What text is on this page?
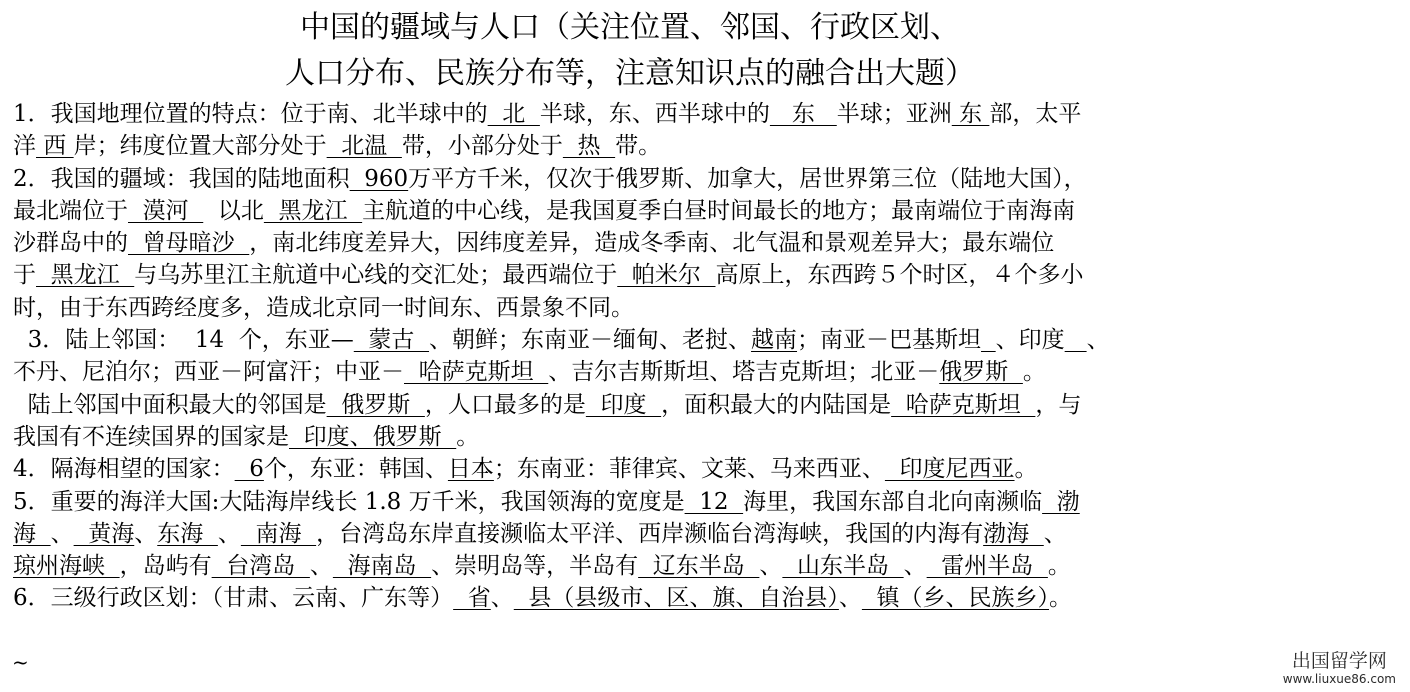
中国的疆域与人口（关注位置、邻国、行政区划、
人口分布、民族分布等，注意知识点的融合出大题）
1．我国地理位置的特点：位于南、北半球中的  北  半球，东、西半球中的   东   半球；亚洲 东 部，太平
洋 西 岸；纬度位置大部分处于  北温  带，小部分处于  热  带。
2．我国的疆域：我国的陆地面积  960万平方千米，仅次于俄罗斯、加拿大，居世界第三位（陆地大国），
最北端位于  漠河    以北  黑龙江  主航道的中心线，是我国夏季白昼时间最长的地方；最南端位于南海南
沙群岛中的  曾母暗沙  ，南北纬度差异大，因纬度差异，造成冬季南、北气温和景观差异大；最东端位
于  黑龙江  与乌苏里江主航道中心线的交汇处；最西端位于  帕米尔  高原上，东西跨５个时区，４个多小
时，由于东西跨经度多，造成北京同一时间东、西景象不同。
3．陆上邻国：  14  个，东亚—  蒙古  、朝鲜；东南亚－缅甸、老挝、越南；南亚－巴基斯坦 、印度 、
不丹、尼泊尔；西亚－阿富汗；中亚－  哈萨克斯坦  、吉尔吉斯斯坦、塔吉克斯坦；北亚－俄罗斯  。
陆上邻国中面积最大的邻国是  俄罗斯  ，人口最多的是  印度  ，面积最大的内陆国是  哈萨克斯坦  ，与
我国有不连续国界的国家是  印度、俄罗斯  。
4．隔海相望的国家：  6个，东亚：韩国、日本；东南亚：菲律宾、文莱、马来西亚、  印度尼西亚。
5．重要的海洋大国:大陆海岸线长 1.8 万千米，我国领海的宽度是  12  海里，我国东部自北向南濒临  渤
海  、  黄海、东海  、  南海  ，台湾岛东岸直接濒临太平洋、西岸濒临台湾海峡，我国的内海有渤海  、
琼州海峡  ，岛屿有  台湾岛  、  海南岛  、崇明岛等，半岛有  辽东半岛  、  山东半岛  、  雷州半岛  。
6．三级行政区划：（甘肃、云南、广东等）  省、  县（县级市、区、旗、自治县）、  镇（乡、民族乡）。
~	出国留学网
www.liuxue86.com
